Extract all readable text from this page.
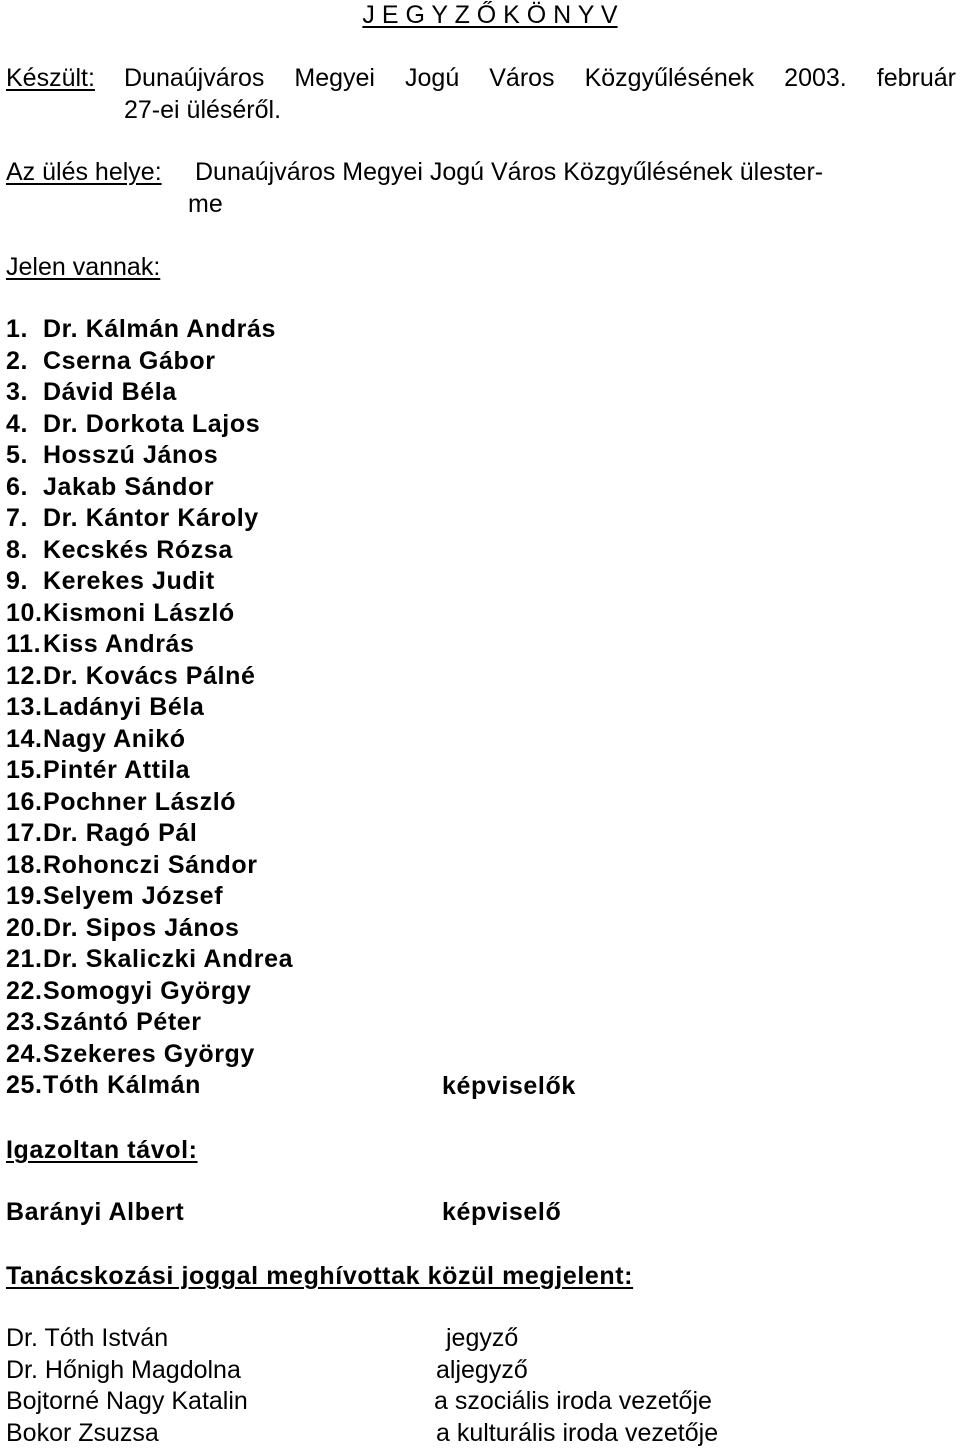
J E G Y Z Ő K Ö N Y V
Készült: Dunaújváros Megyei Jogú Város Közgyűlésének 2003. február
27-ei üléséről.
Az ülés helye: Dunaújváros Megyei Jogú Város Közgyűlésének ülester-
me
Jelen vannak:
1. Dr. Kálmán András
2. Cserna Gábor
3. Dávid Béla
4. Dr. Dorkota Lajos
5. Hosszú János
6. Jakab Sándor
7. Dr. Kántor Károly
8. Kecskés Rózsa
9. Kerekes Judit
10. Kismoni László
11. Kiss András
12. Dr. Kovács Pálné
13. Ladányi Béla
14. Nagy Anikó
15. Pintér Attila
16. Pochner László
17. Dr. Ragó Pál
18. Rohonczi Sándor
19. Selyem József
20. Dr. Sipos János
21. Dr. Skaliczki Andrea
22. Somogyi György
23. Szántó Péter
24. Szekeres György
25. Tóth Kálmán	képviselők
Igazoltan távol:
Barányi Albert	képviselő
Tanácskozási joggal meghívottak közül megjelent:
Dr. Tóth István	jegyző
Dr. Hőnigh Magdolna	aljegyző
Bojtorné Nagy Katalin	a szociális iroda vezetője
Bokor Zsuzsa	a kulturális iroda vezetője
